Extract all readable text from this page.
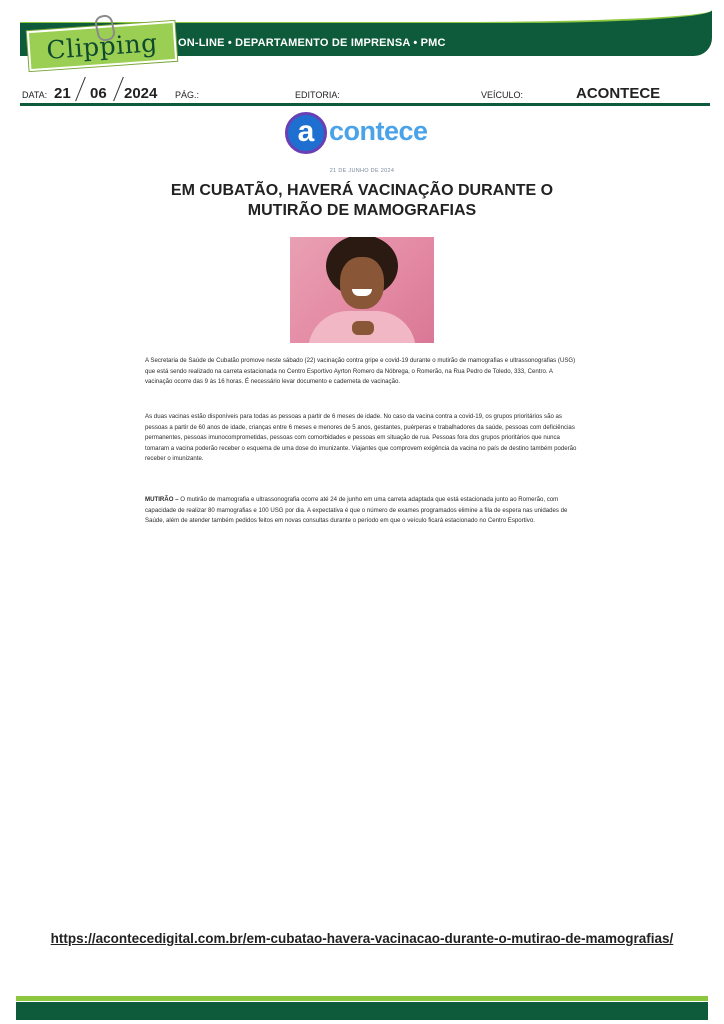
Clipping ON-LINE • DEPARTAMENTO DE IMPRENSA • PMC
DATA: 21 06 2024 PÁG.:	EDITORIA:	VEÍCULO:	ACONTECE
a contece
21 DE JUNHO DE 2024
EM CUBATÃO, HAVERÁ VACINAÇÃO DURANTE O MUTIRÃO DE MAMOGRAFIAS

A Secretaria de Saúde de Cubatão promove neste sábado (22) vacinação contra gripe e covid-19 durante o mutirão de mamografias e ultrassonografias (USG) que está sendo realizado na carreta estacionada no Centro Esportivo Ayrton Romero da Nóbrega, o Romerão, na Rua Pedro de Toledo, 333, Centro. A vacinação ocorre das 9 às 16 horas. É necessário levar documento e caderneta de vacinação.

As duas vacinas estão disponíveis para todas as pessoas a partir de 6 meses de idade. No caso da vacina contra a covid-19, os grupos prioritários são as pessoas a partir de 60 anos de idade, crianças entre 6 meses e menores de 5 anos, gestantes, puérperas e trabalhadores da saúde, pessoas com deficiências permanentes, pessoas imunocomprometidas, pessoas com comorbidades e pessoas em situação de rua. Pessoas fora dos grupos prioritários que nunca tomaram a vacina poderão receber o esquema de uma dose do imunizante. Viajantes que comprovem exigência da vacina no país de destino também poderão receber o imunizante.

MUTIRÃO – O mutirão de mamografia e ultrassonografia ocorre até 24 de junho em uma carreta adaptada que está estacionada junto ao Romerão, com capacidade de realizar 80 mamografias e 100 USG por dia. A expectativa é que o número de exames programados elimine a fila de espera nas unidades de Saúde, além de atender também pedidos feitos em novas consultas durante o período em que o veículo ficará estacionado no Centro Esportivo.

https://acontecedigital.com.br/em-cubatao-havera-vacinacao-durante-o-mutirao-de-mamografias/
